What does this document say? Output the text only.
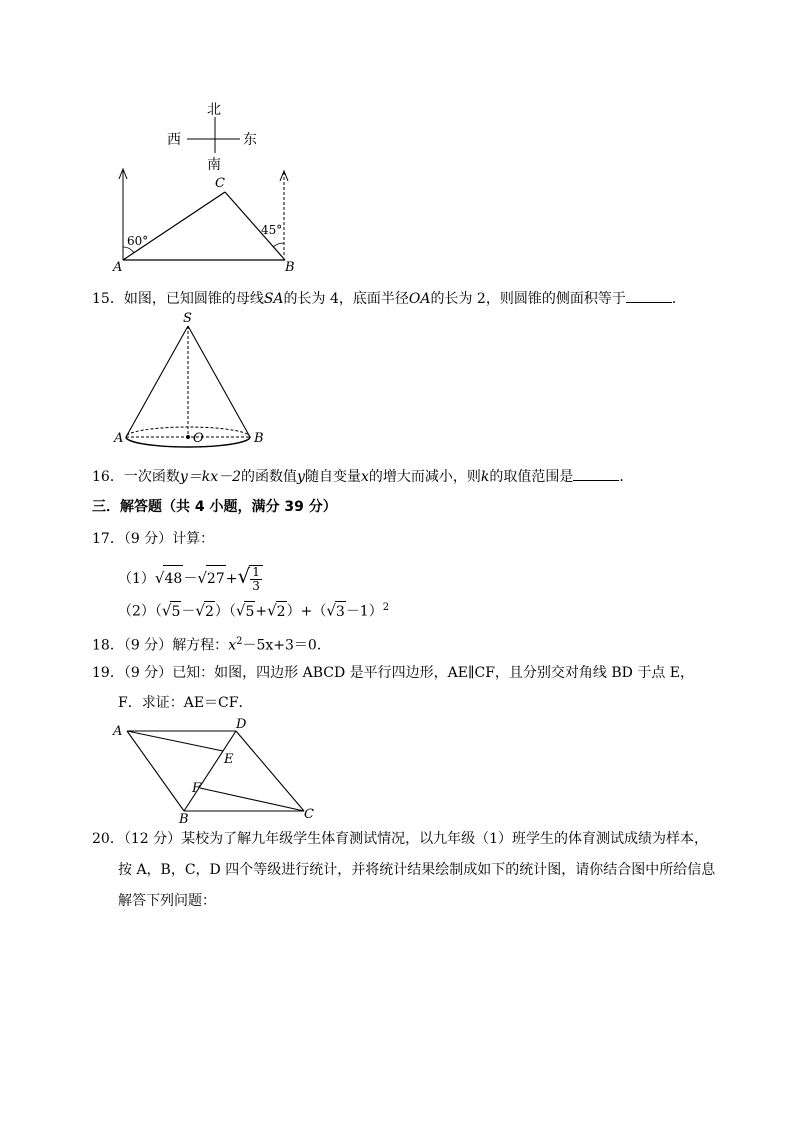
北
西	东
南
C
A	B
60°
45°
15．如图，已知圆锥的母线SA的长为 4，底面半径OA的长为 2，则圆锥的侧面积等于	．
S
A	O	B
16．一次函数y＝kx－2的函数值y随自变量x的增大而减小，则k的取值范围是	．
三．解答题（共 4 小题，满分 39 分）
17．（9 分）计算：
$(1)√48-√27+√ \frac{1}{3}$
$(2)(√5-√2)(√5+√2)+(√3-1)^2$
18．（9 分）解方程：$x^2-5x+3=0$．
19．（9 分）已知：如图，四边形 ABCD 是平行四边形，AE∥CF，且分别交对角线 BD 于点 E，
F．求证：AE＝CF．
A	D
E
F
B	C
20．（12 分）某校为了解九年级学生体育测试情况，以九年级（1）班学生的体育测试成绩为样本，
按 A，B，C，D 四个等级进行统计，并将统计结果绘制成如下的统计图，请你结合图中所给信息
解答下列问题：
